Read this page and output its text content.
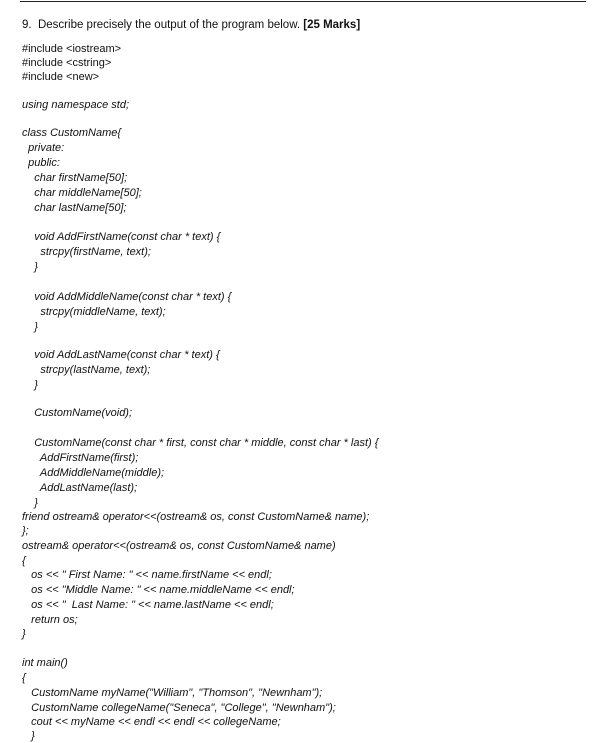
9.  Describe precisely the output of the program below. [25 Marks]
#include <iostream>
#include <cstring>
#include <new>
using namespace std;
class CustomName{
private:
public:
char firstName[50];
char middleName[50];
char lastName[50];
void AddFirstName(const char * text) {
strcpy(firstName, text);
}
void AddMiddleName(const char * text) {
strcpy(middleName, text);
}
void AddLastName(const char * text) {
strcpy(lastName, text);
}
CustomName(void);
CustomName(const char * first, const char * middle, const char * last) {
AddFirstName(first);
AddMiddleName(middle);
AddLastName(last);
}
friend ostream& operator<<(ostream& os, const CustomName& name);
};
ostream& operator<<(ostream& os, const CustomName& name)
{
os << " First Name: " << name.firstName << endl;
os << "Middle Name: " << name.middleName << endl;
os << "  Last Name: " << name.lastName << endl;
return os;
}
int main()
{
CustomName myName("William", "Thomson", "Newnham");
CustomName collegeName("Seneca", "College", "Newnham");
cout << myName << endl << endl << collegeName;
}
